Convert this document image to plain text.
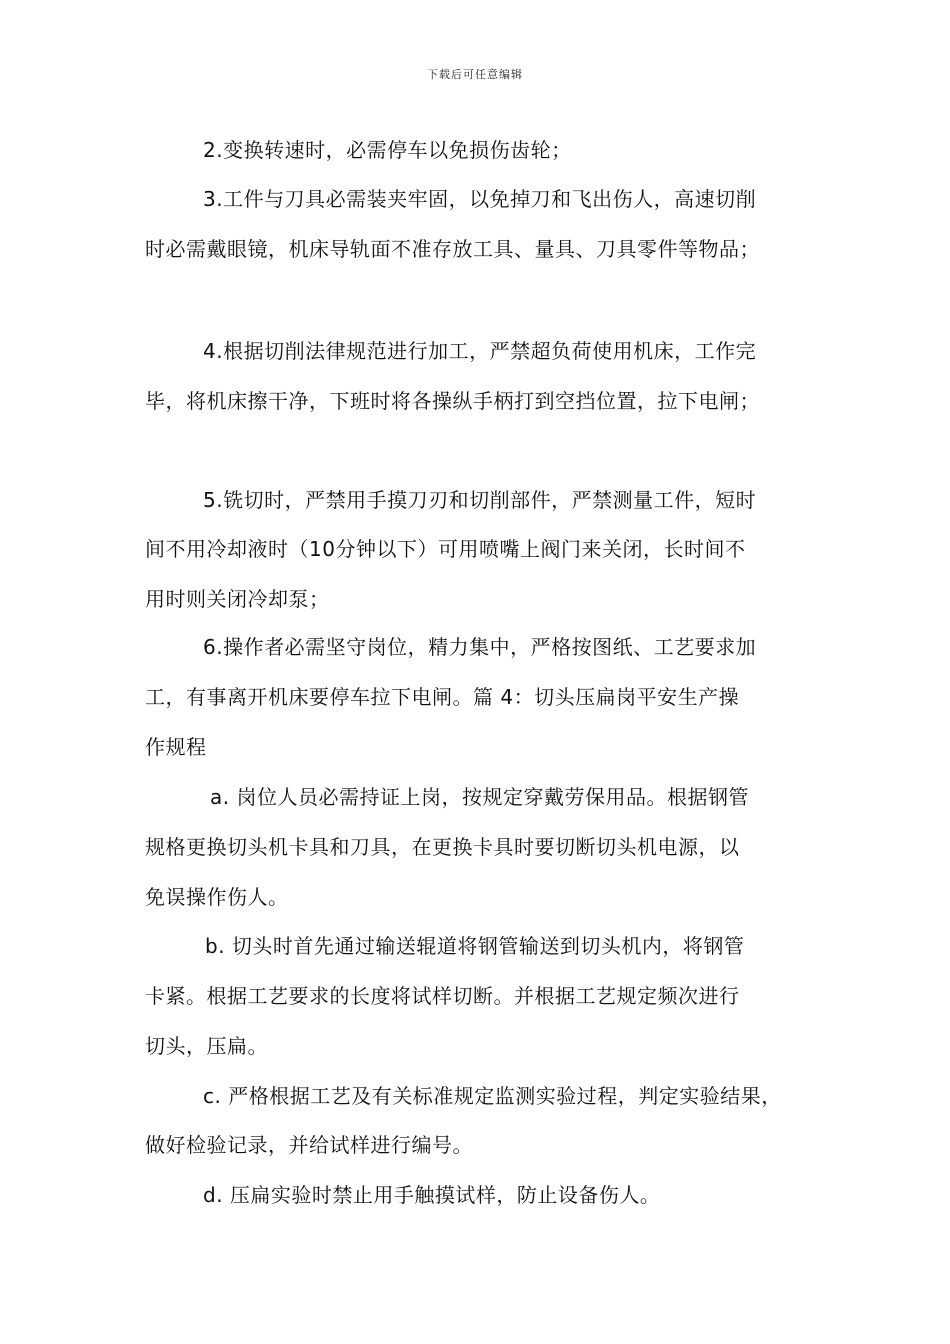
下载后可任意编辑
2.变换转速时，必需停车以免损伤齿轮；
3.工件与刀具必需装夹牢固，以免掉刀和飞出伤人，高速切削
时必需戴眼镜，机床导轨面不准存放工具、量具、刀具零件等物品；
4.根据切削法律规范进行加工，严禁超负荷使用机床，工作完
毕，将机床擦干净，下班时将各操纵手柄打到空挡位置，拉下电闸；
5.铣切时，严禁用手摸刀刃和切削部件，严禁测量工件，短时
间不用冷却液时（10分钟以下）可用喷嘴上阀门来关闭，长时间不
用时则关闭冷却泵；
6.操作者必需坚守岗位，精力集中，严格按图纸、工艺要求加
工，有事离开机床要停车拉下电闸。篇 4：切头压扁岗平安生产操
作规程
a. 岗位人员必需持证上岗，按规定穿戴劳保用品。根据钢管
规格更换切头机卡具和刀具，在更换卡具时要切断切头机电源，以
免误操作伤人。
b. 切头时首先通过输送辊道将钢管输送到切头机内，将钢管
卡紧。根据工艺要求的长度将试样切断。并根据工艺规定频次进行
切头，压扁。
c. 严格根据工艺及有关标准规定监测实验过程，判定实验结果，
做好检验记录，并给试样进行编号。
d. 压扁实验时禁止用手触摸试样，防止设备伤人。
